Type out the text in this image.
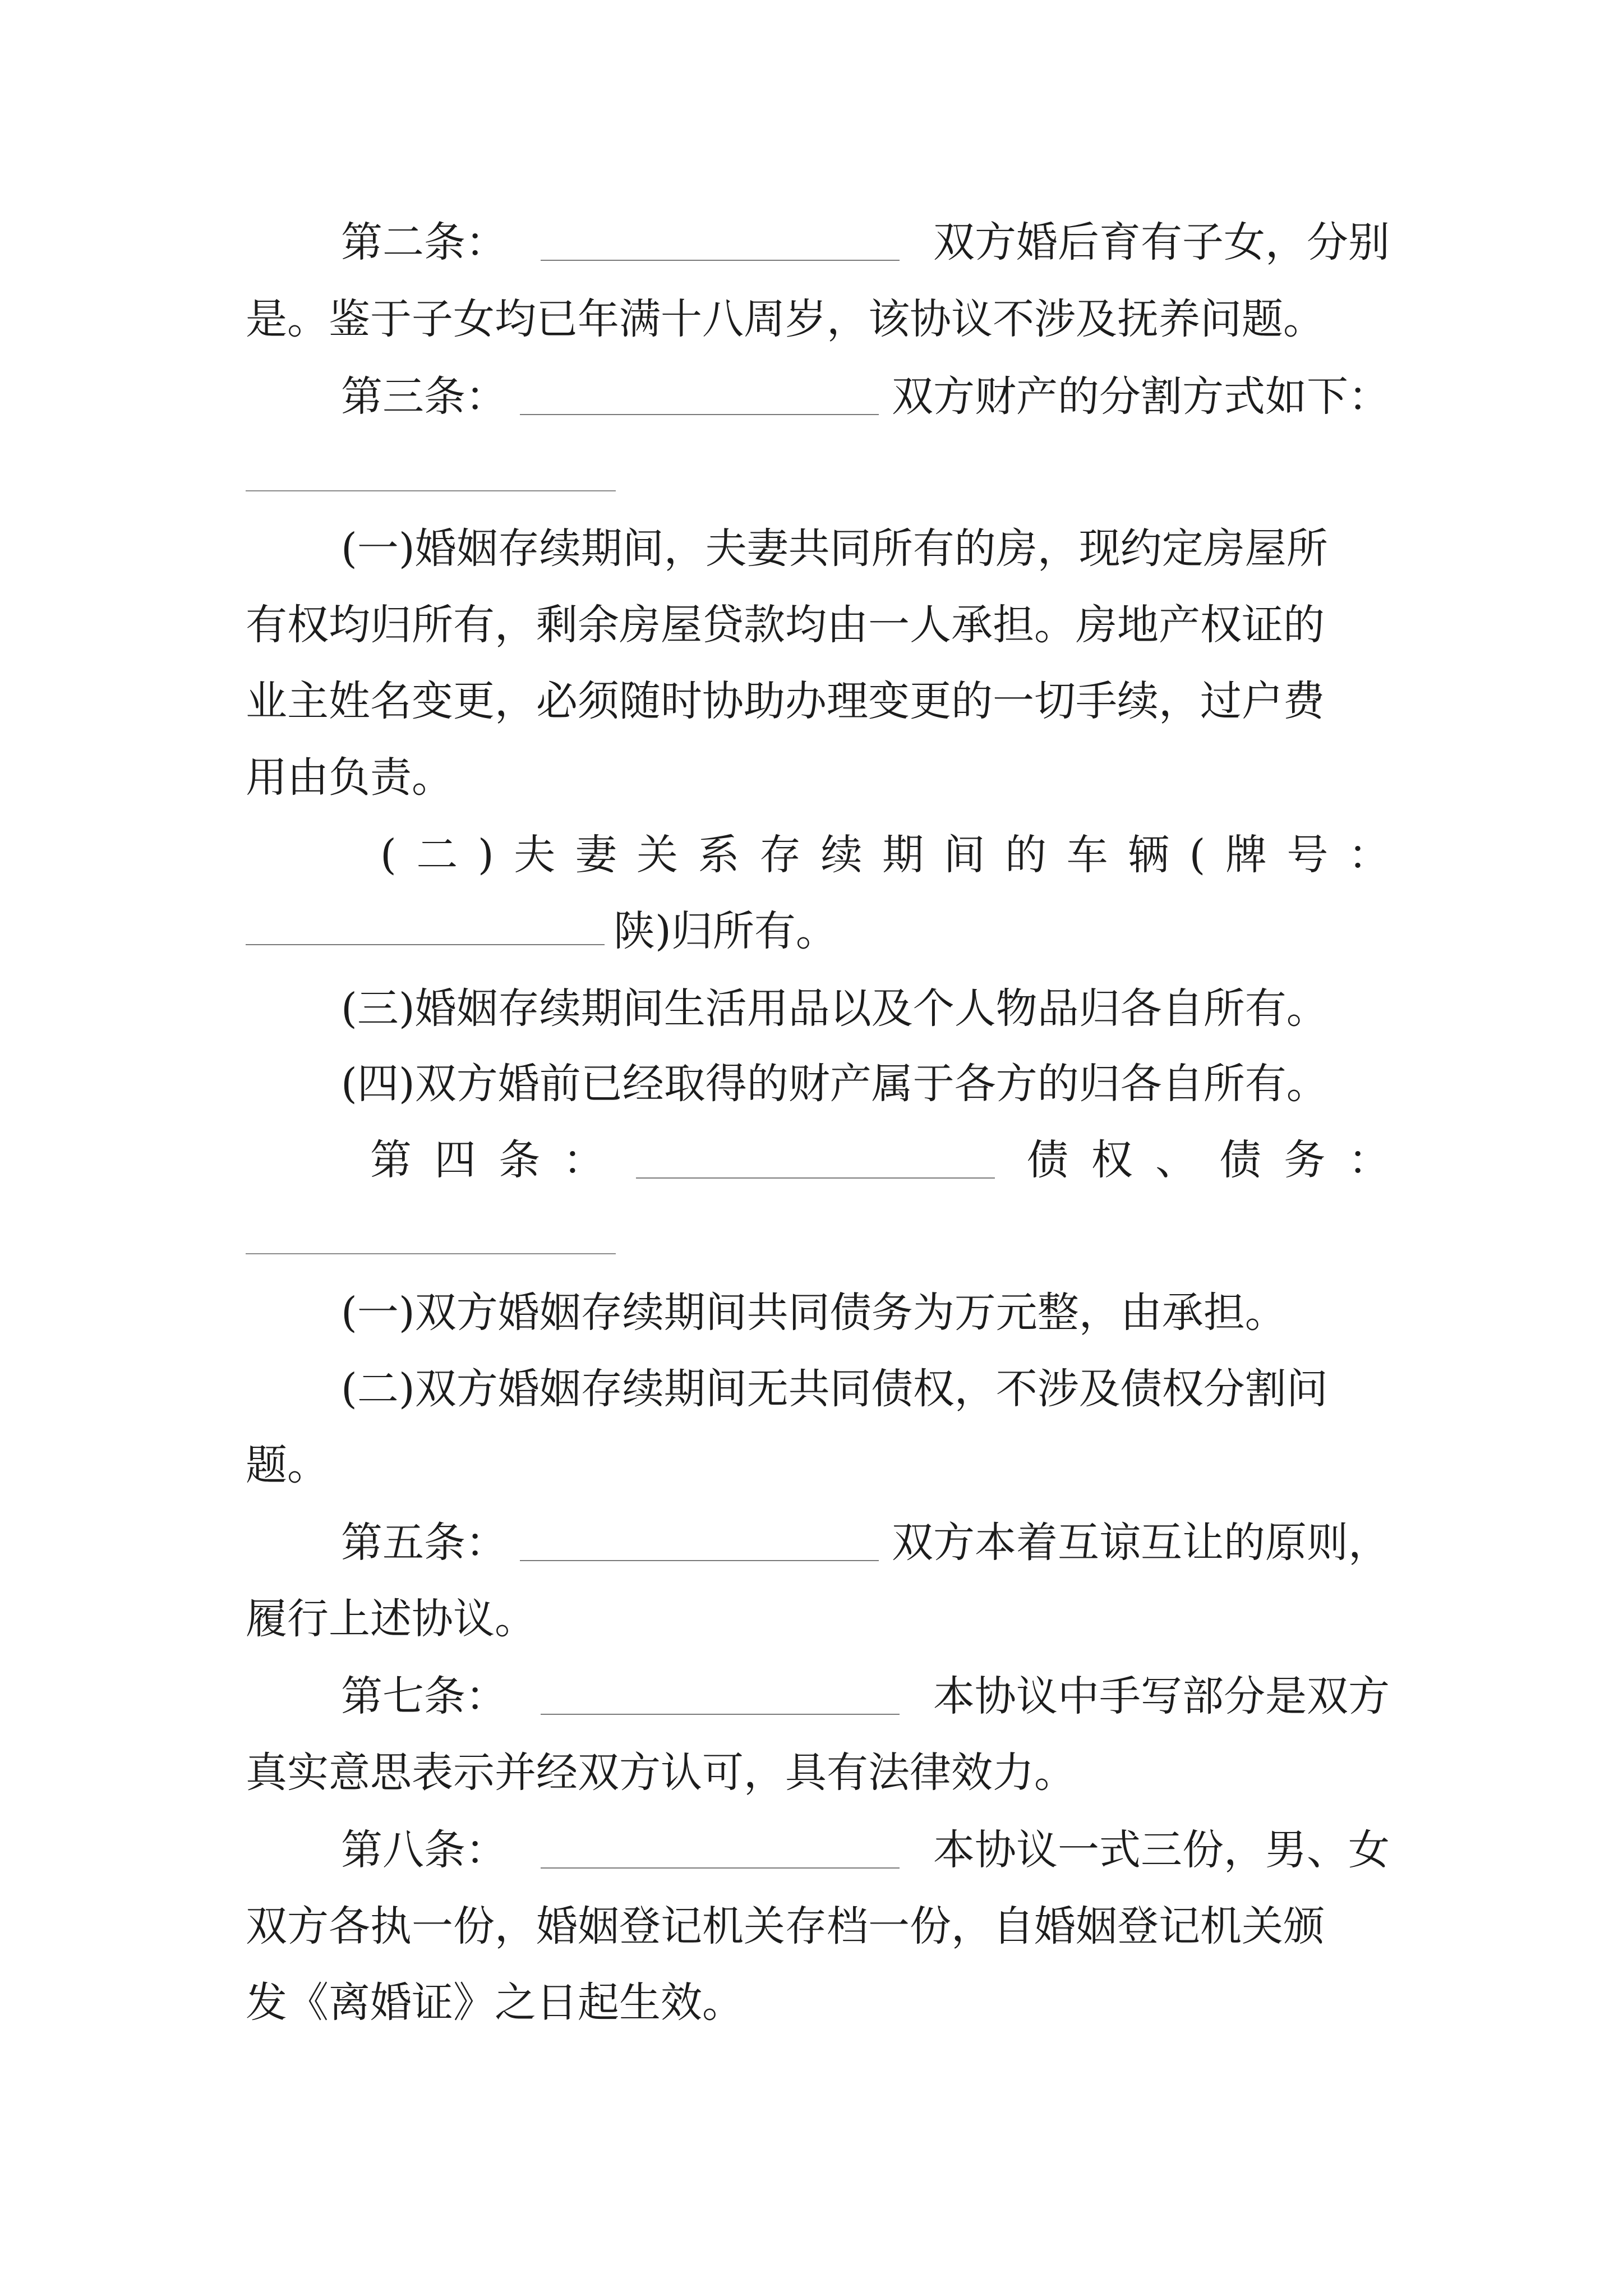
第二条：	双方婚后育有子女，分别
是。鉴于子女均已年满十八周岁，该协议不涉及抚养问题。
第三条：	双方财产的分割方式如下：
(一)婚姻存续期间，夫妻共同所有的房，现约定房屋所
有权均归所有，剩余房屋贷款均由一人承担。房地产权证的
业主姓名变更，必须随时协助办理变更的一切手续，过户费
用由负责。
( 二 ) 夫 妻 关 系 存 续 期 间 的 车 辆 ( 牌 号 ：
陕)归所有。
(三)婚姻存续期间生活用品以及个人物品归各自所有。
(四)双方婚前已经取得的财产属于各方的归各自所有。
第 四 条 ：	债 权 、 债 务 ：
(一)双方婚姻存续期间共同债务为万元整，由承担。
(二)双方婚姻存续期间无共同债权，不涉及债权分割问
题。
第五条：	双方本着互谅互让的原则，
履行上述协议。
第七条：	本协议中手写部分是双方
真实意思表示并经双方认可，具有法律效力。
第八条：	本协议一式三份，男、女
双方各执一份，婚姻登记机关存档一份，自婚姻登记机关颁
发《离婚证》之日起生效。
